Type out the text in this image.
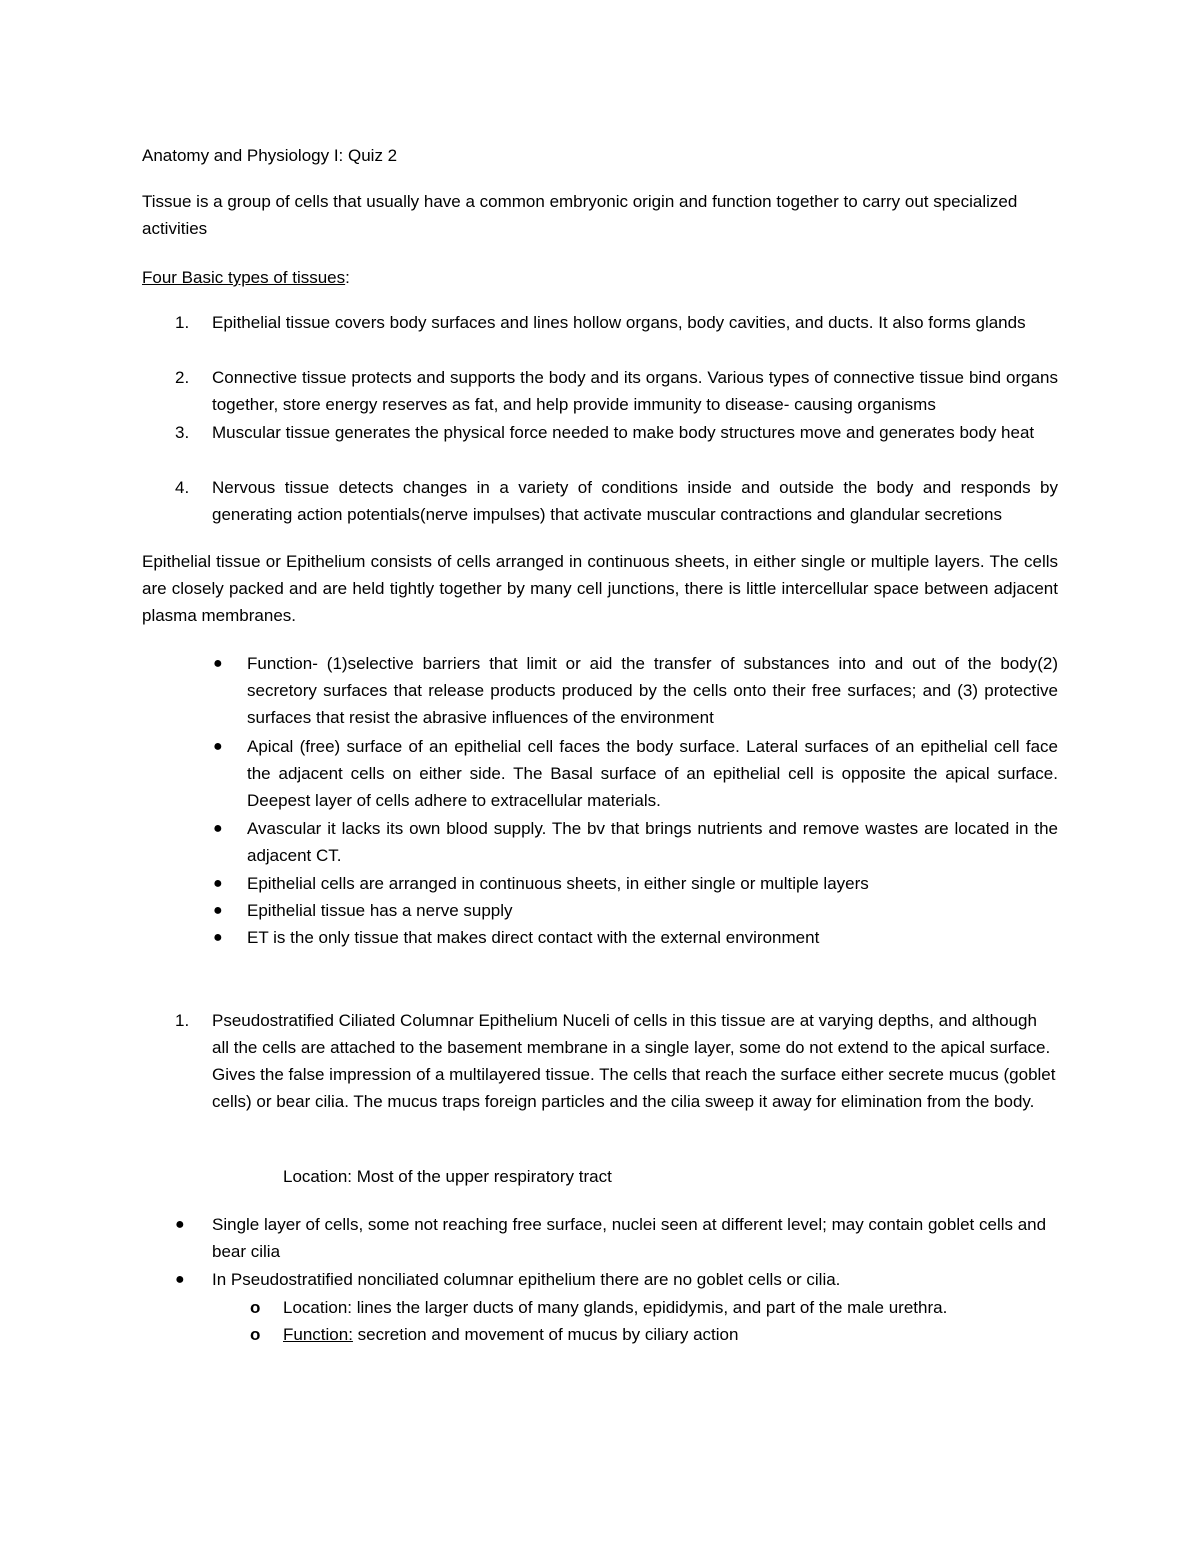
Anatomy and Physiology I: Quiz 2
Tissue is a group of cells that usually have a common embryonic origin and function together to carry out specialized activities
Four Basic types of tissues:
1. Epithelial tissue covers body surfaces and lines hollow organs, body cavities, and ducts. It also forms glands
2. Connective tissue protects and supports the body and its organs. Various types of connective tissue bind organs together, store energy reserves as fat, and help provide immunity to disease- causing organisms
3. Muscular tissue generates the physical force needed to make body structures move and generates body heat
4. Nervous tissue detects changes in a variety of conditions inside and outside the body and responds by generating action potentials(nerve impulses) that activate muscular contractions and glandular secretions
Epithelial tissue or Epithelium consists of cells arranged in continuous sheets, in either single or multiple layers. The cells are closely packed and are held tightly together by many cell junctions, there is little intercellular space between adjacent plasma membranes.
● Function- (1)selective barriers that limit or aid the transfer of substances into and out of the body(2) secretory surfaces that release products produced by the cells onto their free surfaces; and (3) protective surfaces that resist the abrasive influences of the environment
● Apical (free) surface of an epithelial cell faces the body surface. Lateral surfaces of an epithelial cell face the adjacent cells on either side. The Basal surface of an epithelial cell is opposite the apical surface. Deepest layer of cells adhere to extracellular materials.
● Avascular it lacks its own blood supply. The bv that brings nutrients and remove wastes are located in the adjacent CT.
● Epithelial cells are arranged in continuous sheets, in either single or multiple layers
● Epithelial tissue has a nerve supply
● ET is the only tissue that makes direct contact with the external environment
1. Pseudostratified Ciliated Columnar Epithelium Nuceli of cells in this tissue are at varying depths, and although all the cells are attached to the basement membrane in a single layer, some do not extend to the apical surface. Gives the false impression of a multilayered tissue. The cells that reach the surface either secrete mucus (goblet cells) or bear cilia. The mucus traps foreign particles and the cilia sweep it away for elimination from the body.
Location: Most of the upper respiratory tract
● Single layer of cells, some not reaching free surface, nuclei seen at different level; may contain goblet cells and bear cilia
● In Pseudostratified nonciliated columnar epithelium there are no goblet cells or cilia.
o Location: lines the larger ducts of many glands, epididymis, and part of the male urethra.
o Function: secretion and movement of mucus by ciliary action
